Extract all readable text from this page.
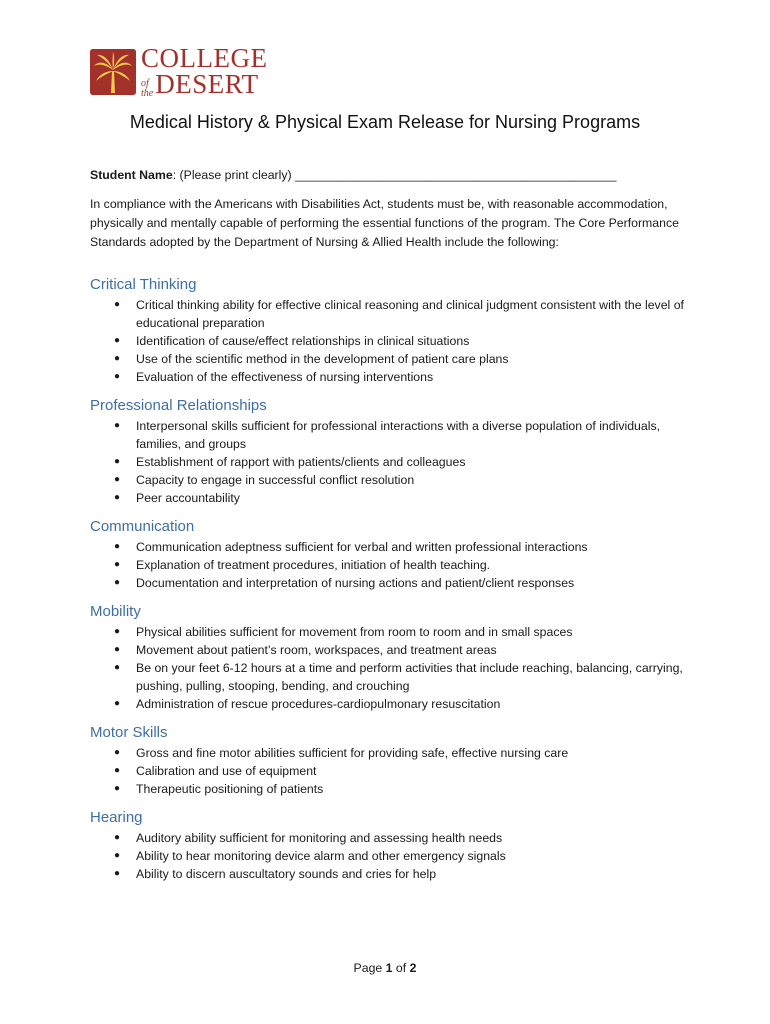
COLLEGE
of
the DESERT
Medical History & Physical Exam Release for Nursing Programs
Student Name: (Please print clearly) _______________________________________________
In compliance with the Americans with Disabilities Act, students must be, with reasonable accommodation, physically and mentally capable of performing the essential functions of the program. The Core Performance Standards adopted by the Department of Nursing & Allied Health include the following:
Critical Thinking
● Critical thinking ability for effective clinical reasoning and clinical judgment consistent with the level of educational preparation
● Identification of cause/effect relationships in clinical situations
● Use of the scientific method in the development of patient care plans
● Evaluation of the effectiveness of nursing interventions
Professional Relationships
● Interpersonal skills sufficient for professional interactions with a diverse population of individuals, families, and groups
● Establishment of rapport with patients/clients and colleagues
● Capacity to engage in successful conflict resolution
● Peer accountability
Communication
● Communication adeptness sufficient for verbal and written professional interactions
● Explanation of treatment procedures, initiation of health teaching.
● Documentation and interpretation of nursing actions and patient/client responses
Mobility
● Physical abilities sufficient for movement from room to room and in small spaces
● Movement about patient’s room, workspaces, and treatment areas
● Be on your feet 6-12 hours at a time and perform activities that include reaching, balancing, carrying, pushing, pulling, stooping, bending, and crouching
● Administration of rescue procedures-cardiopulmonary resuscitation
Motor Skills
● Gross and fine motor abilities sufficient for providing safe, effective nursing care
● Calibration and use of equipment
● Therapeutic positioning of patients
Hearing
● Auditory ability sufficient for monitoring and assessing health needs
● Ability to hear monitoring device alarm and other emergency signals
● Ability to discern auscultatory sounds and cries for help
Page 1 of 2
